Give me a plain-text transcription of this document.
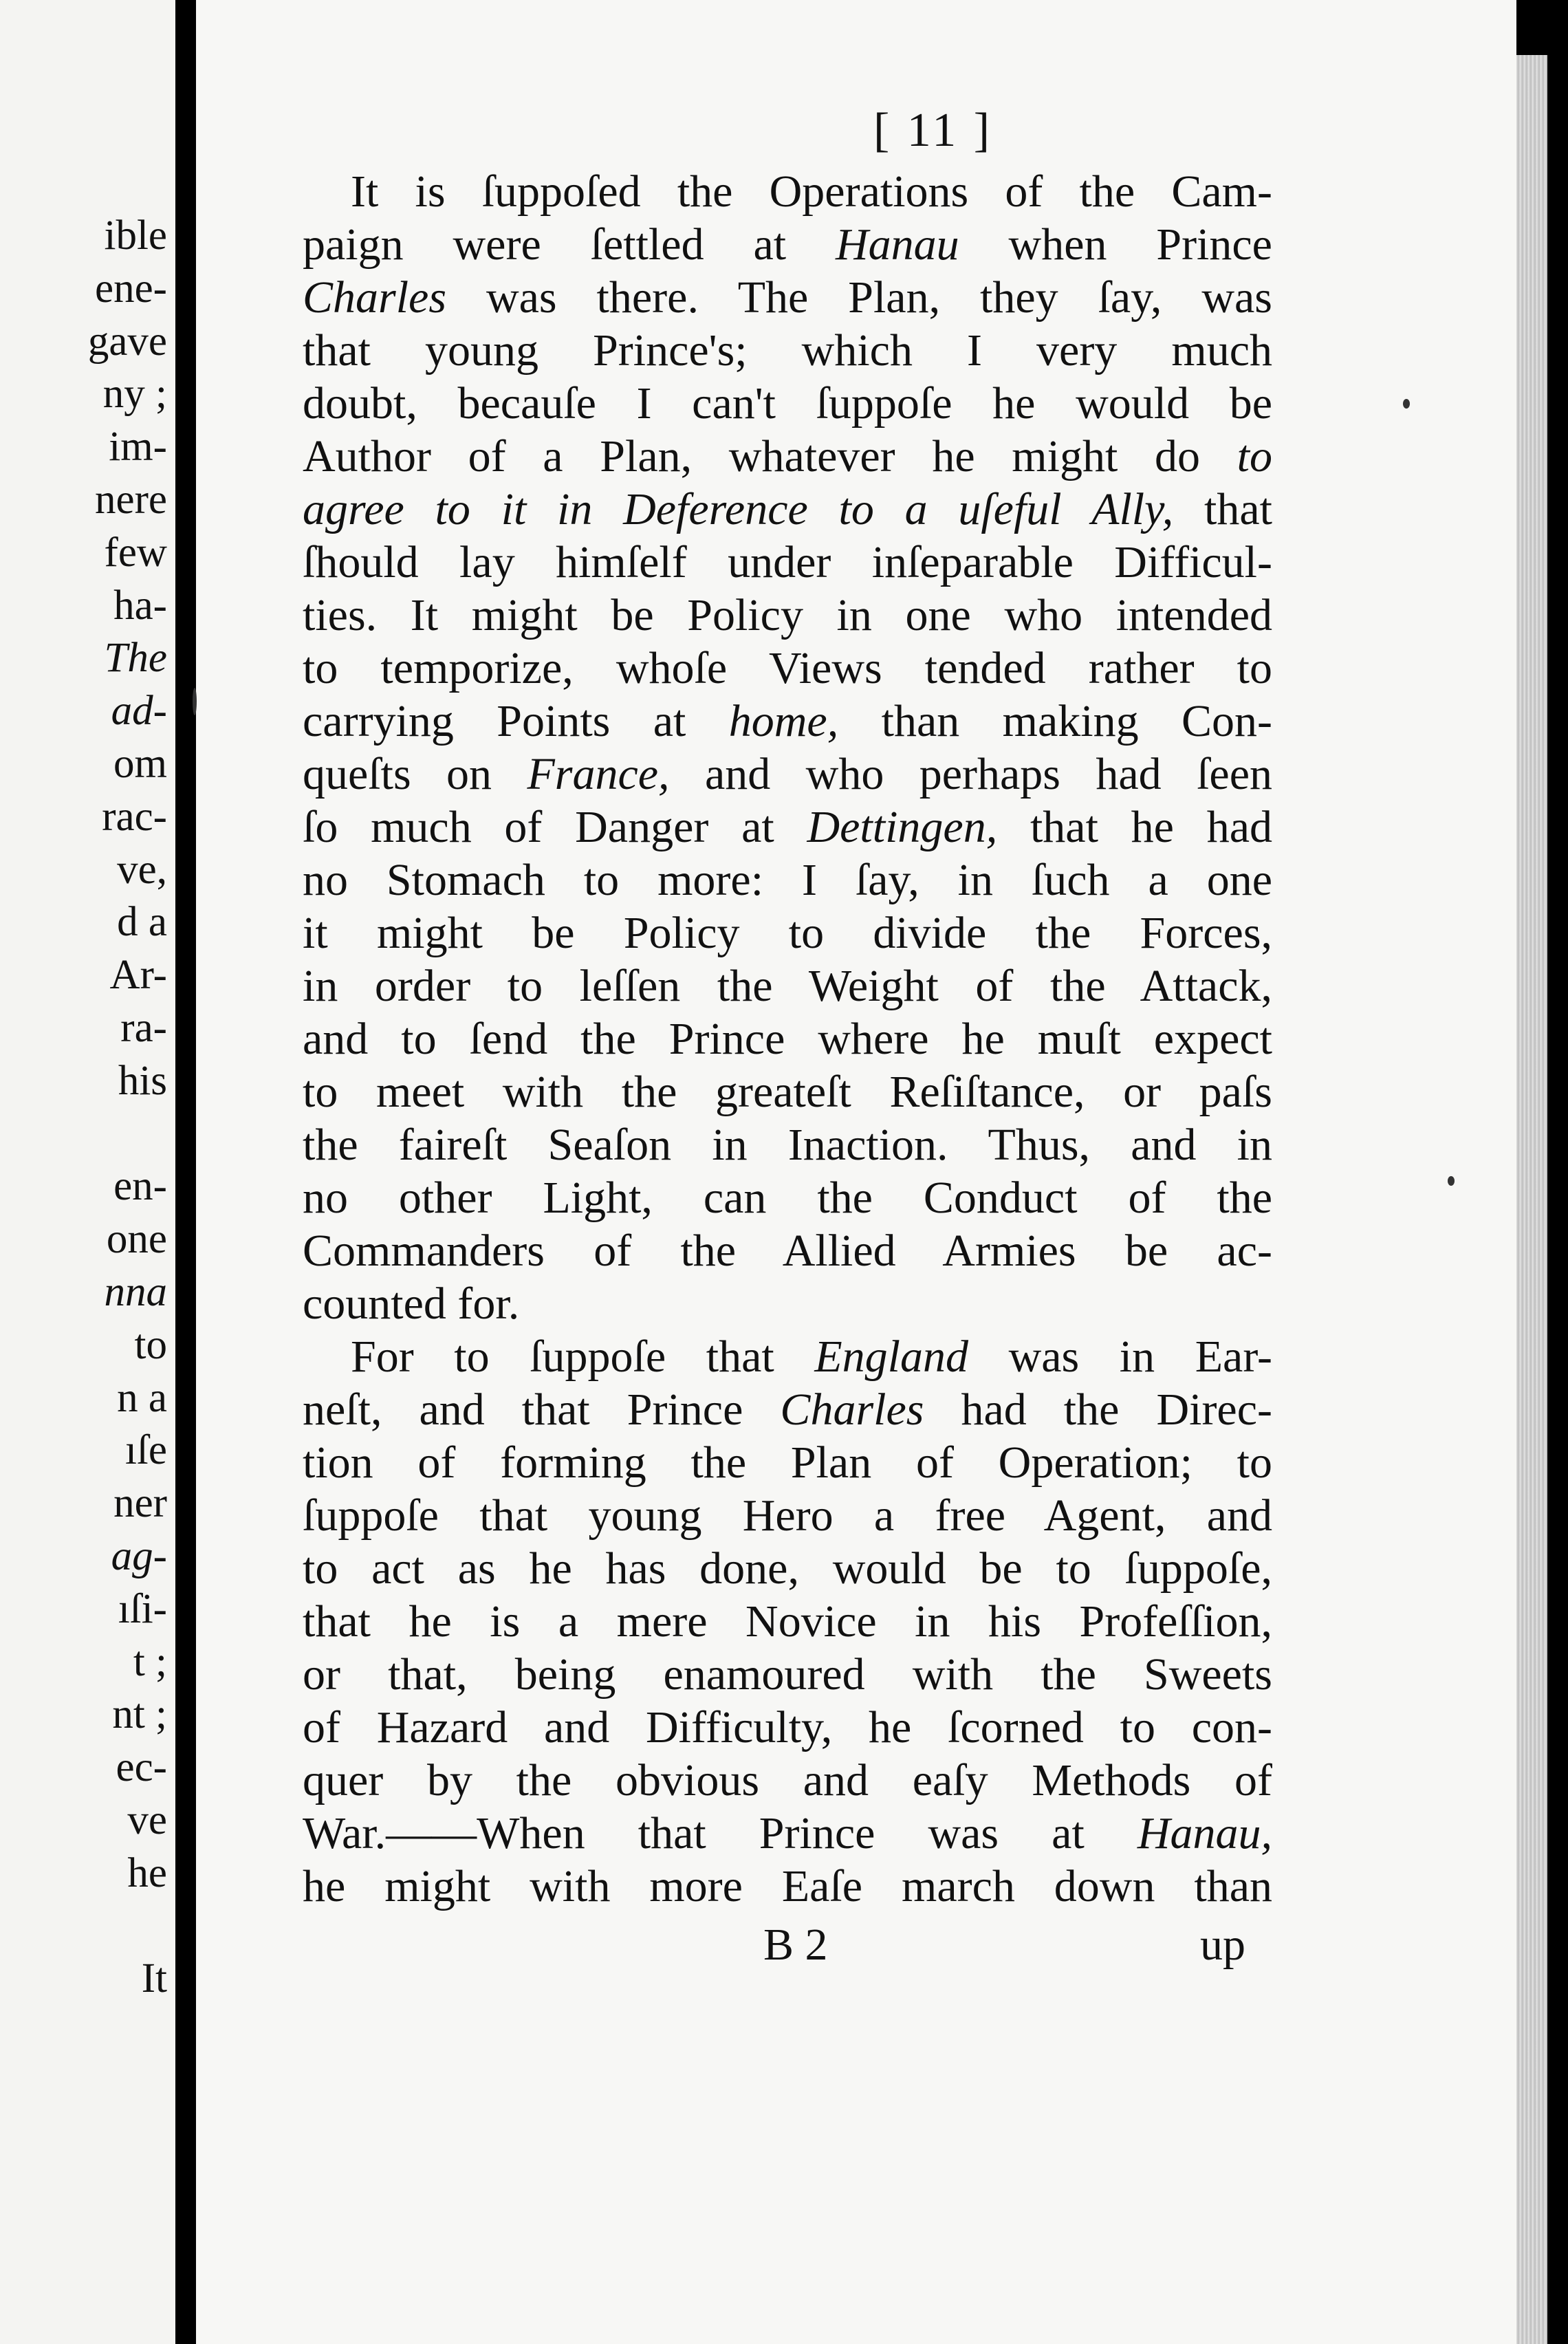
ible
ene-
gave
ny ;
im-
nere
few
ha-
The
ad-
om
rac-
ve,
d a
Ar-
ra-
his
en-
one
nna
to
n a
ıſe
ner
ag-
ıſi-
t ;
nt ;
ec-
ve
he
It
[ 11 ]
It is ſuppoſed the Operations of the Cam-
paign were ſettled at Hanau when Prince
Charles was there. The Plan, they ſay, was
that young Prince's; which I very much
doubt, becauſe I can't ſuppoſe he would be
Author of a Plan, whatever he might do to
agree to it in Deference to a uſeful Ally, that
ſhould lay himſelf under inſeparable Difficul-
ties. It might be Policy in one who intended
to temporize, whoſe Views tended rather to
carrying Points at home, than making Con-
queſts on France, and who perhaps had ſeen
ſo much of Danger at Dettingen, that he had
no Stomach to more: I ſay, in ſuch a one
it might be Policy to divide the Forces,
in order to leſſen the Weight of the Attack,
and to ſend the Prince where he muſt expect
to meet with the greateſt Reſiſtance, or paſs
the faireſt Seaſon in Inaction. Thus, and in
no other Light, can the Conduct of the
Commanders of the Allied Armies be ac-
counted for.
For to ſuppoſe that England was in Ear-
neſt, and that Prince Charles had the Direc-
tion of forming the Plan of Operation; to
ſuppoſe that young Hero a free Agent, and
to act as he has done, would be to ſuppoſe,
that he is a mere Novice in his Profeſſion,
or that, being enamoured with the Sweets
of Hazard and Difficulty, he ſcorned to con-
quer by the obvious and eaſy Methods of
War.——When that Prince was at Hanau,
he might with more Eaſe march down than
B 2	up
